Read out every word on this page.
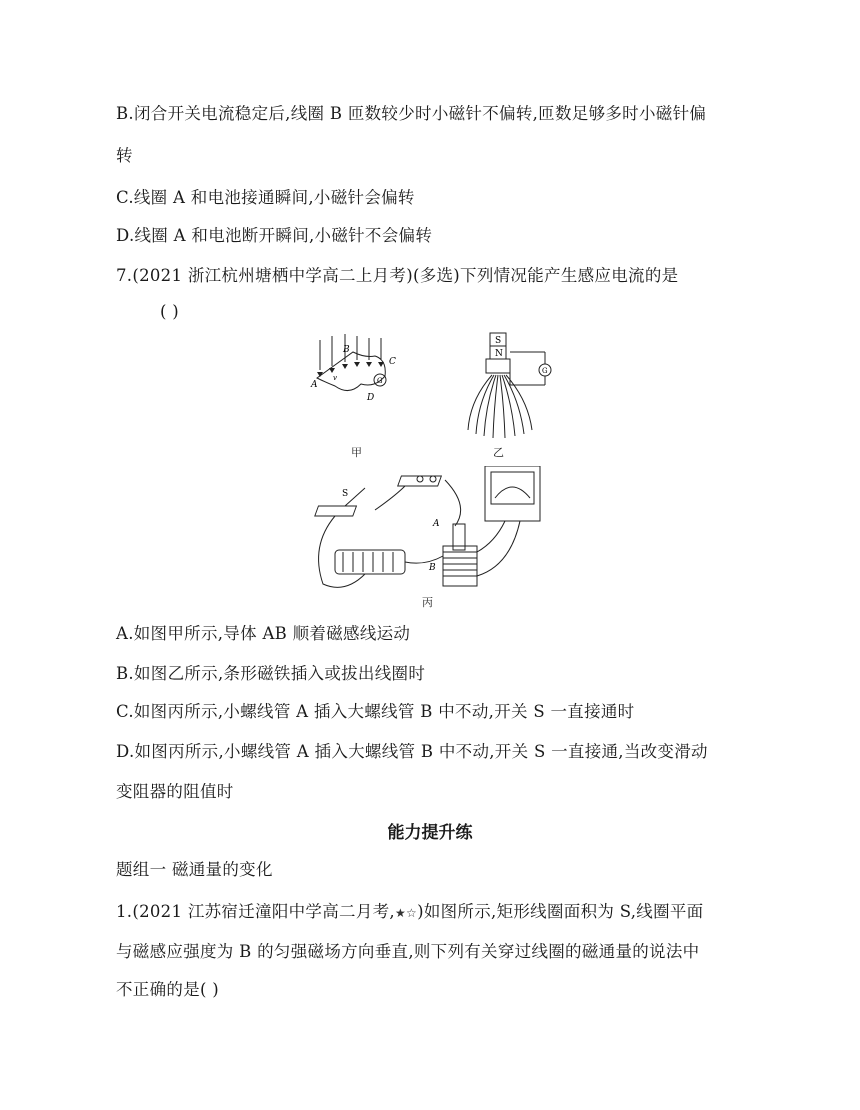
B.闭合开关电流稳定后,线圈 B 匝数较少时小磁针不偏转,匝数足够多时小磁针偏
转
C.线圈 A 和电池接通瞬间,小磁针会偏转
D.线圈 A 和电池断开瞬间,小磁针不会偏转
7.(2021 浙江杭州塘栖中学高二上月考)(多选)下列情况能产生感应电流的是
( )
A
B
C
D
v	G
甲
S
N
G
乙
S
A
B
丙
A.如图甲所示,导体 AB 顺着磁感线运动
B.如图乙所示,条形磁铁插入或拔出线圈时
C.如图丙所示,小螺线管 A 插入大螺线管 B 中不动,开关 S 一直接通时
D.如图丙所示,小螺线管 A 插入大螺线管 B 中不动,开关 S 一直接通,当改变滑动
变阻器的阻值时
能力提升练
题组一 磁通量的变化
1.(2021 江苏宿迁潼阳中学高二月考,★☆)如图所示,矩形线圈面积为 S,线圈平面
与磁感应强度为 B 的匀强磁场方向垂直,则下列有关穿过线圈的磁通量的说法中
不正确的是( )
